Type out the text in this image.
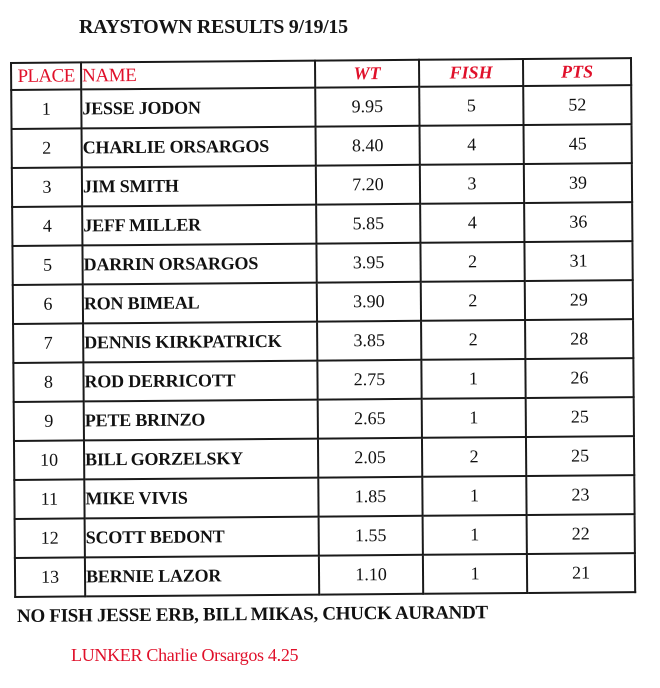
RAYSTOWN RESULTS 9/19/15
PLACE	NAME	WT	FISH	PTS
1	JESSE JODON	9.95	5	52
2	CHARLIE ORSARGOS	8.40	4	45
3	JIM SMITH	7.20	3	39
4	JEFF MILLER	5.85	4	36
5	DARRIN ORSARGOS	3.95	2	31
6	RON BIMEAL	3.90	2	29
7	DENNIS KIRKPATRICK	3.85	2	28
8	ROD DERRICOTT	2.75	1	26
9	PETE BRINZO	2.65	1	25
10	BILL GORZELSKY	2.05	2	25
11	MIKE VIVIS	1.85	1	23
12	SCOTT BEDONT	1.55	1	22
13	BERNIE LAZOR	1.10	1	21
NO FISH JESSE ERB, BILL MIKAS, CHUCK AURANDT
LUNKER Charlie Orsargos 4.25
